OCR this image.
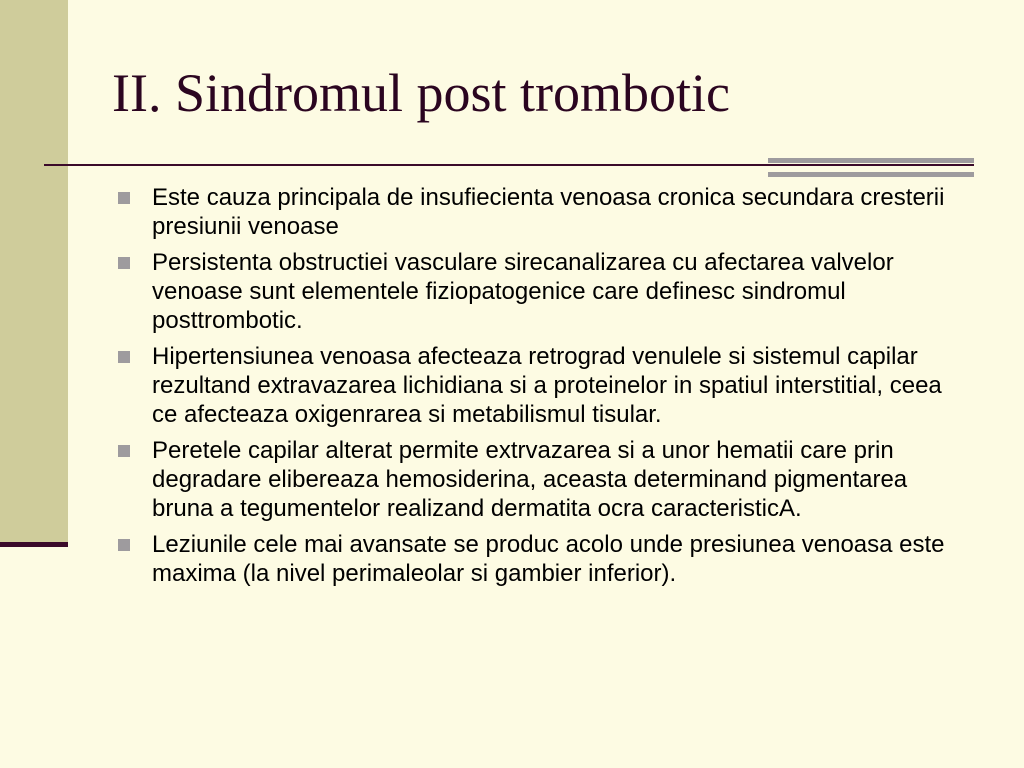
II. Sindromul post trombotic
Este cauza principala de insufiecienta venoasa cronica secundara cresterii presiunii venoase
Persistenta obstructiei vasculare sirecanalizarea cu afectarea valvelor venoase sunt elementele fiziopatogenice care definesc sindromul posttrombotic.
Hipertensiunea venoasa afecteaza retrograd venulele si sistemul capilar rezultand extravazarea lichidiana si a proteinelor in spatiul interstitial, ceea ce afecteaza oxigenrarea si metabilismul tisular.
Peretele capilar alterat permite extrvazarea si a unor hematii care prin degradare elibereaza hemosiderina, aceasta determinand pigmentarea bruna a tegumentelor realizand dermatita ocra caracteristicA.
Leziunile cele mai avansate se produc acolo unde presiunea venoasa este maxima (la nivel perimaleolar si gambier inferior).
